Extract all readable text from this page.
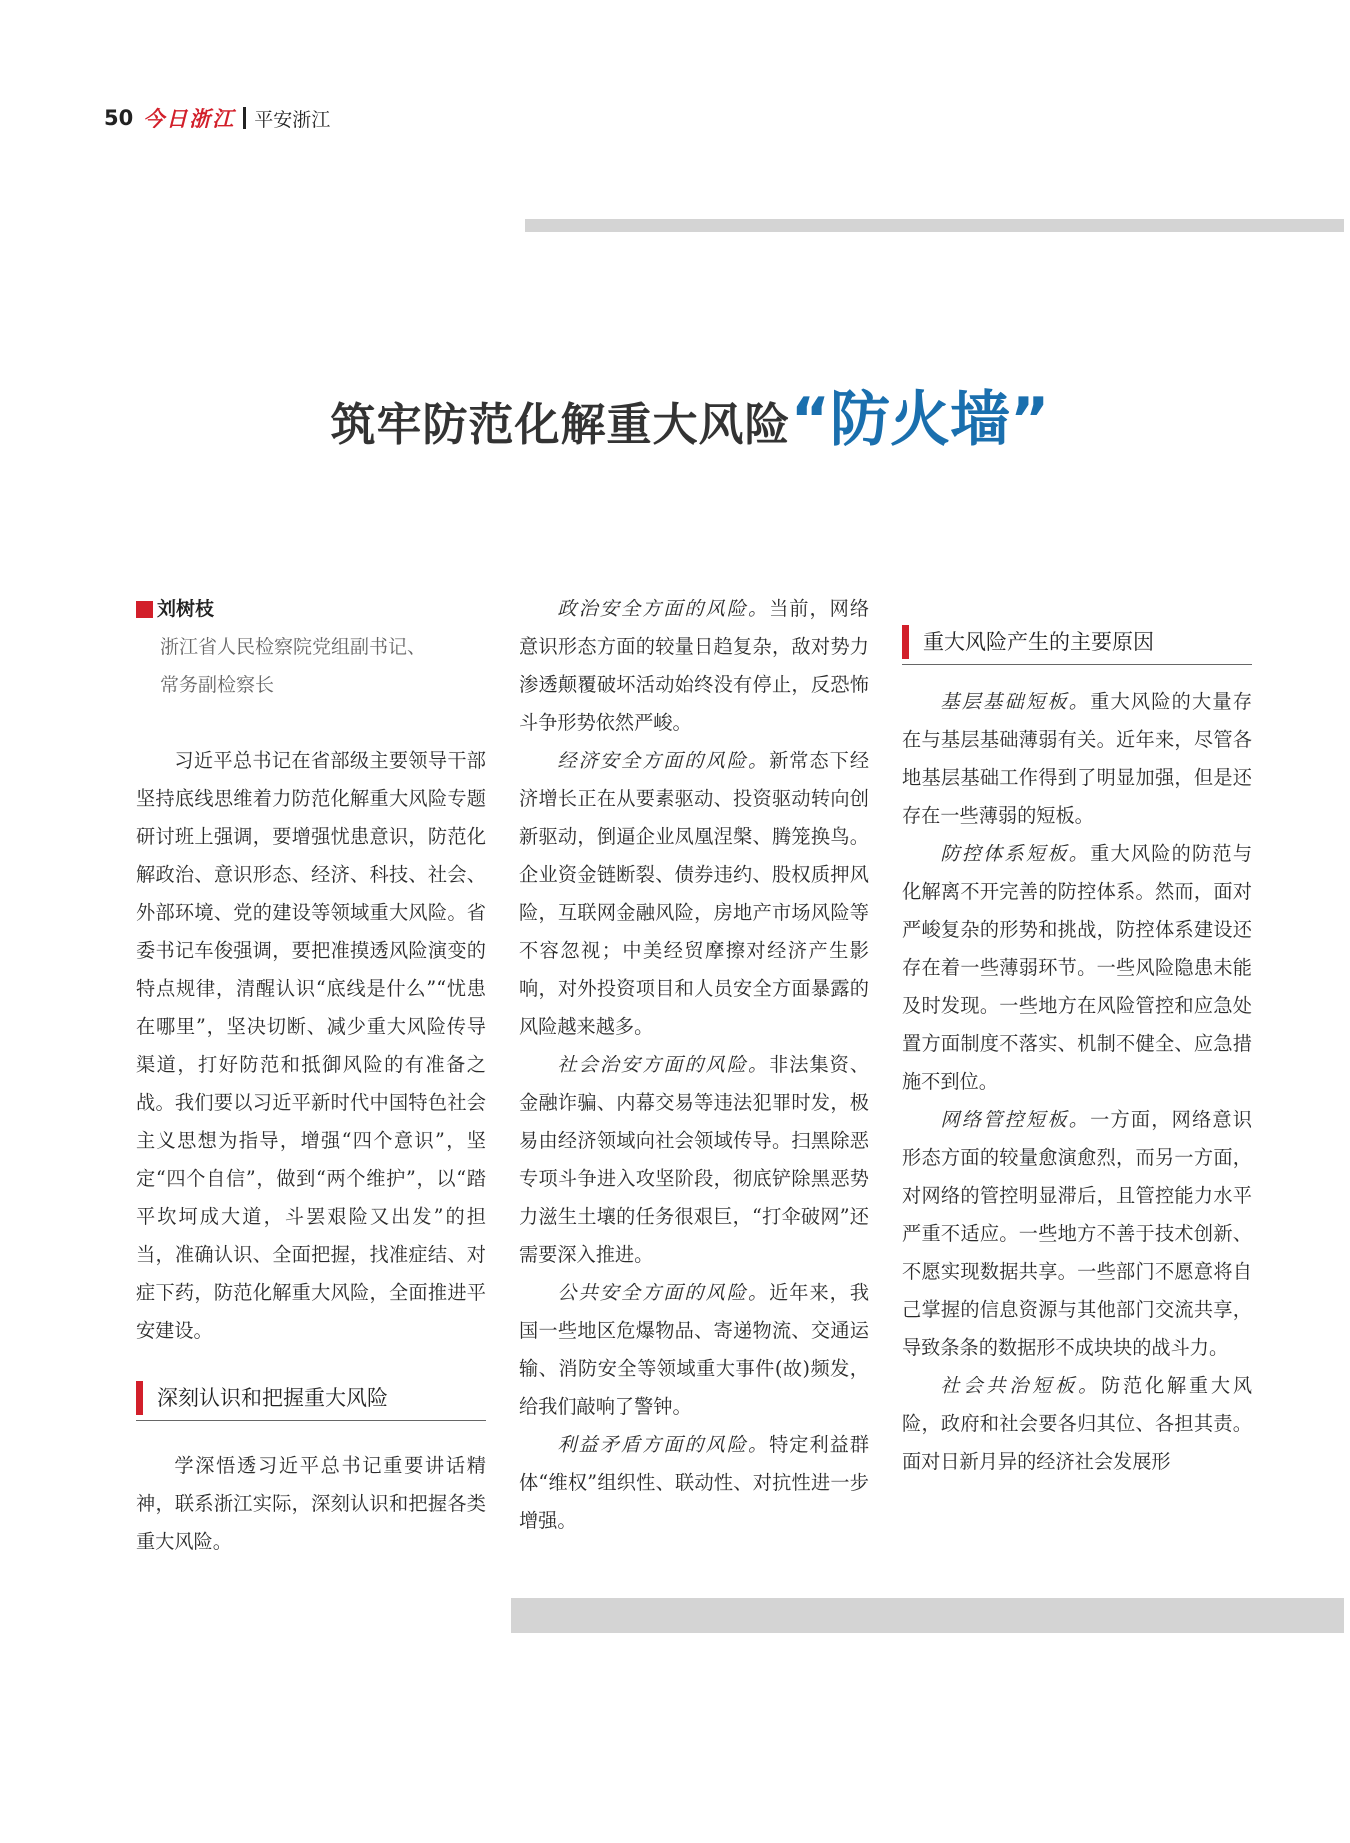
50 今日浙江 平安浙江
筑牢防范化解重大风险“防火墙”
刘树枝
浙江省人民检察院党组副书记、
常务副检察长

习近平总书记在省部级主要领导干部坚持底线思维着力防范化解重大风险专题研讨班上强调，要增强忧患意识，防范化解政治、意识形态、经济、科技、社会、外部环境、党的建设等领域重大风险。省委书记车俊强调，要把准摸透风险演变的特点规律，清醒认识“底线是什么”“忧患在哪里”，坚决切断、减少重大风险传导渠道，打好防范和抵御风险的有准备之战。我们要以习近平新时代中国特色社会主义思想为指导，增强“四个意识”，坚定“四个自信”，做到“两个维护”，以“踏平坎坷成大道，斗罢艰险又出发”的担当，准确认识、全面把握，找准症结、对症下药，防范化解重大风险，全面推进平安建设。

深刻认识和把握重大风险

学深悟透习近平总书记重要讲话精神，联系浙江实际，深刻认识和把握各类重大风险。

政治安全方面的风险。当前，网络意识形态方面的较量日趋复杂，敌对势力渗透颠覆破坏活动始终没有停止，反恐怖斗争形势依然严峻。

经济安全方面的风险。新常态下经济增长正在从要素驱动、投资驱动转向创新驱动，倒逼企业凤凰涅槃、腾笼换鸟。企业资金链断裂、债券违约、股权质押风险，互联网金融风险，房地产市场风险等不容忽视；中美经贸摩擦对经济产生影响，对外投资项目和人员安全方面暴露的风险越来越多。

社会治安方面的风险。非法集资、金融诈骗、内幕交易等违法犯罪时发，极易由经济领域向社会领域传导。扫黑除恶专项斗争进入攻坚阶段，彻底铲除黑恶势力滋生土壤的任务很艰巨，“打伞破网”还需要深入推进。

公共安全方面的风险。近年来，我国一些地区危爆物品、寄递物流、交通运输、消防安全等领域重大事件(故)频发，给我们敲响了警钟。

利益矛盾方面的风险。特定利益群体“维权”组织性、联动性、对抗性进一步增强。

重大风险产生的主要原因

基层基础短板。重大风险的大量存在与基层基础薄弱有关。近年来，尽管各地基层基础工作得到了明显加强，但是还存在一些薄弱的短板。

防控体系短板。重大风险的防范与化解离不开完善的防控体系。然而，面对严峻复杂的形势和挑战，防控体系建设还存在着一些薄弱环节。一些风险隐患未能及时发现。一些地方在风险管控和应急处置方面制度不落实、机制不健全、应急措施不到位。

网络管控短板。一方面，网络意识形态方面的较量愈演愈烈，而另一方面，对网络的管控明显滞后，且管控能力水平严重不适应。一些地方不善于技术创新、不愿实现数据共享。一些部门不愿意将自己掌握的信息资源与其他部门交流共享，导致条条的数据形不成块块的战斗力。

社会共治短板。防范化解重大风险，政府和社会要各归其位、各担其责。面对日新月异的经济社会发展形
